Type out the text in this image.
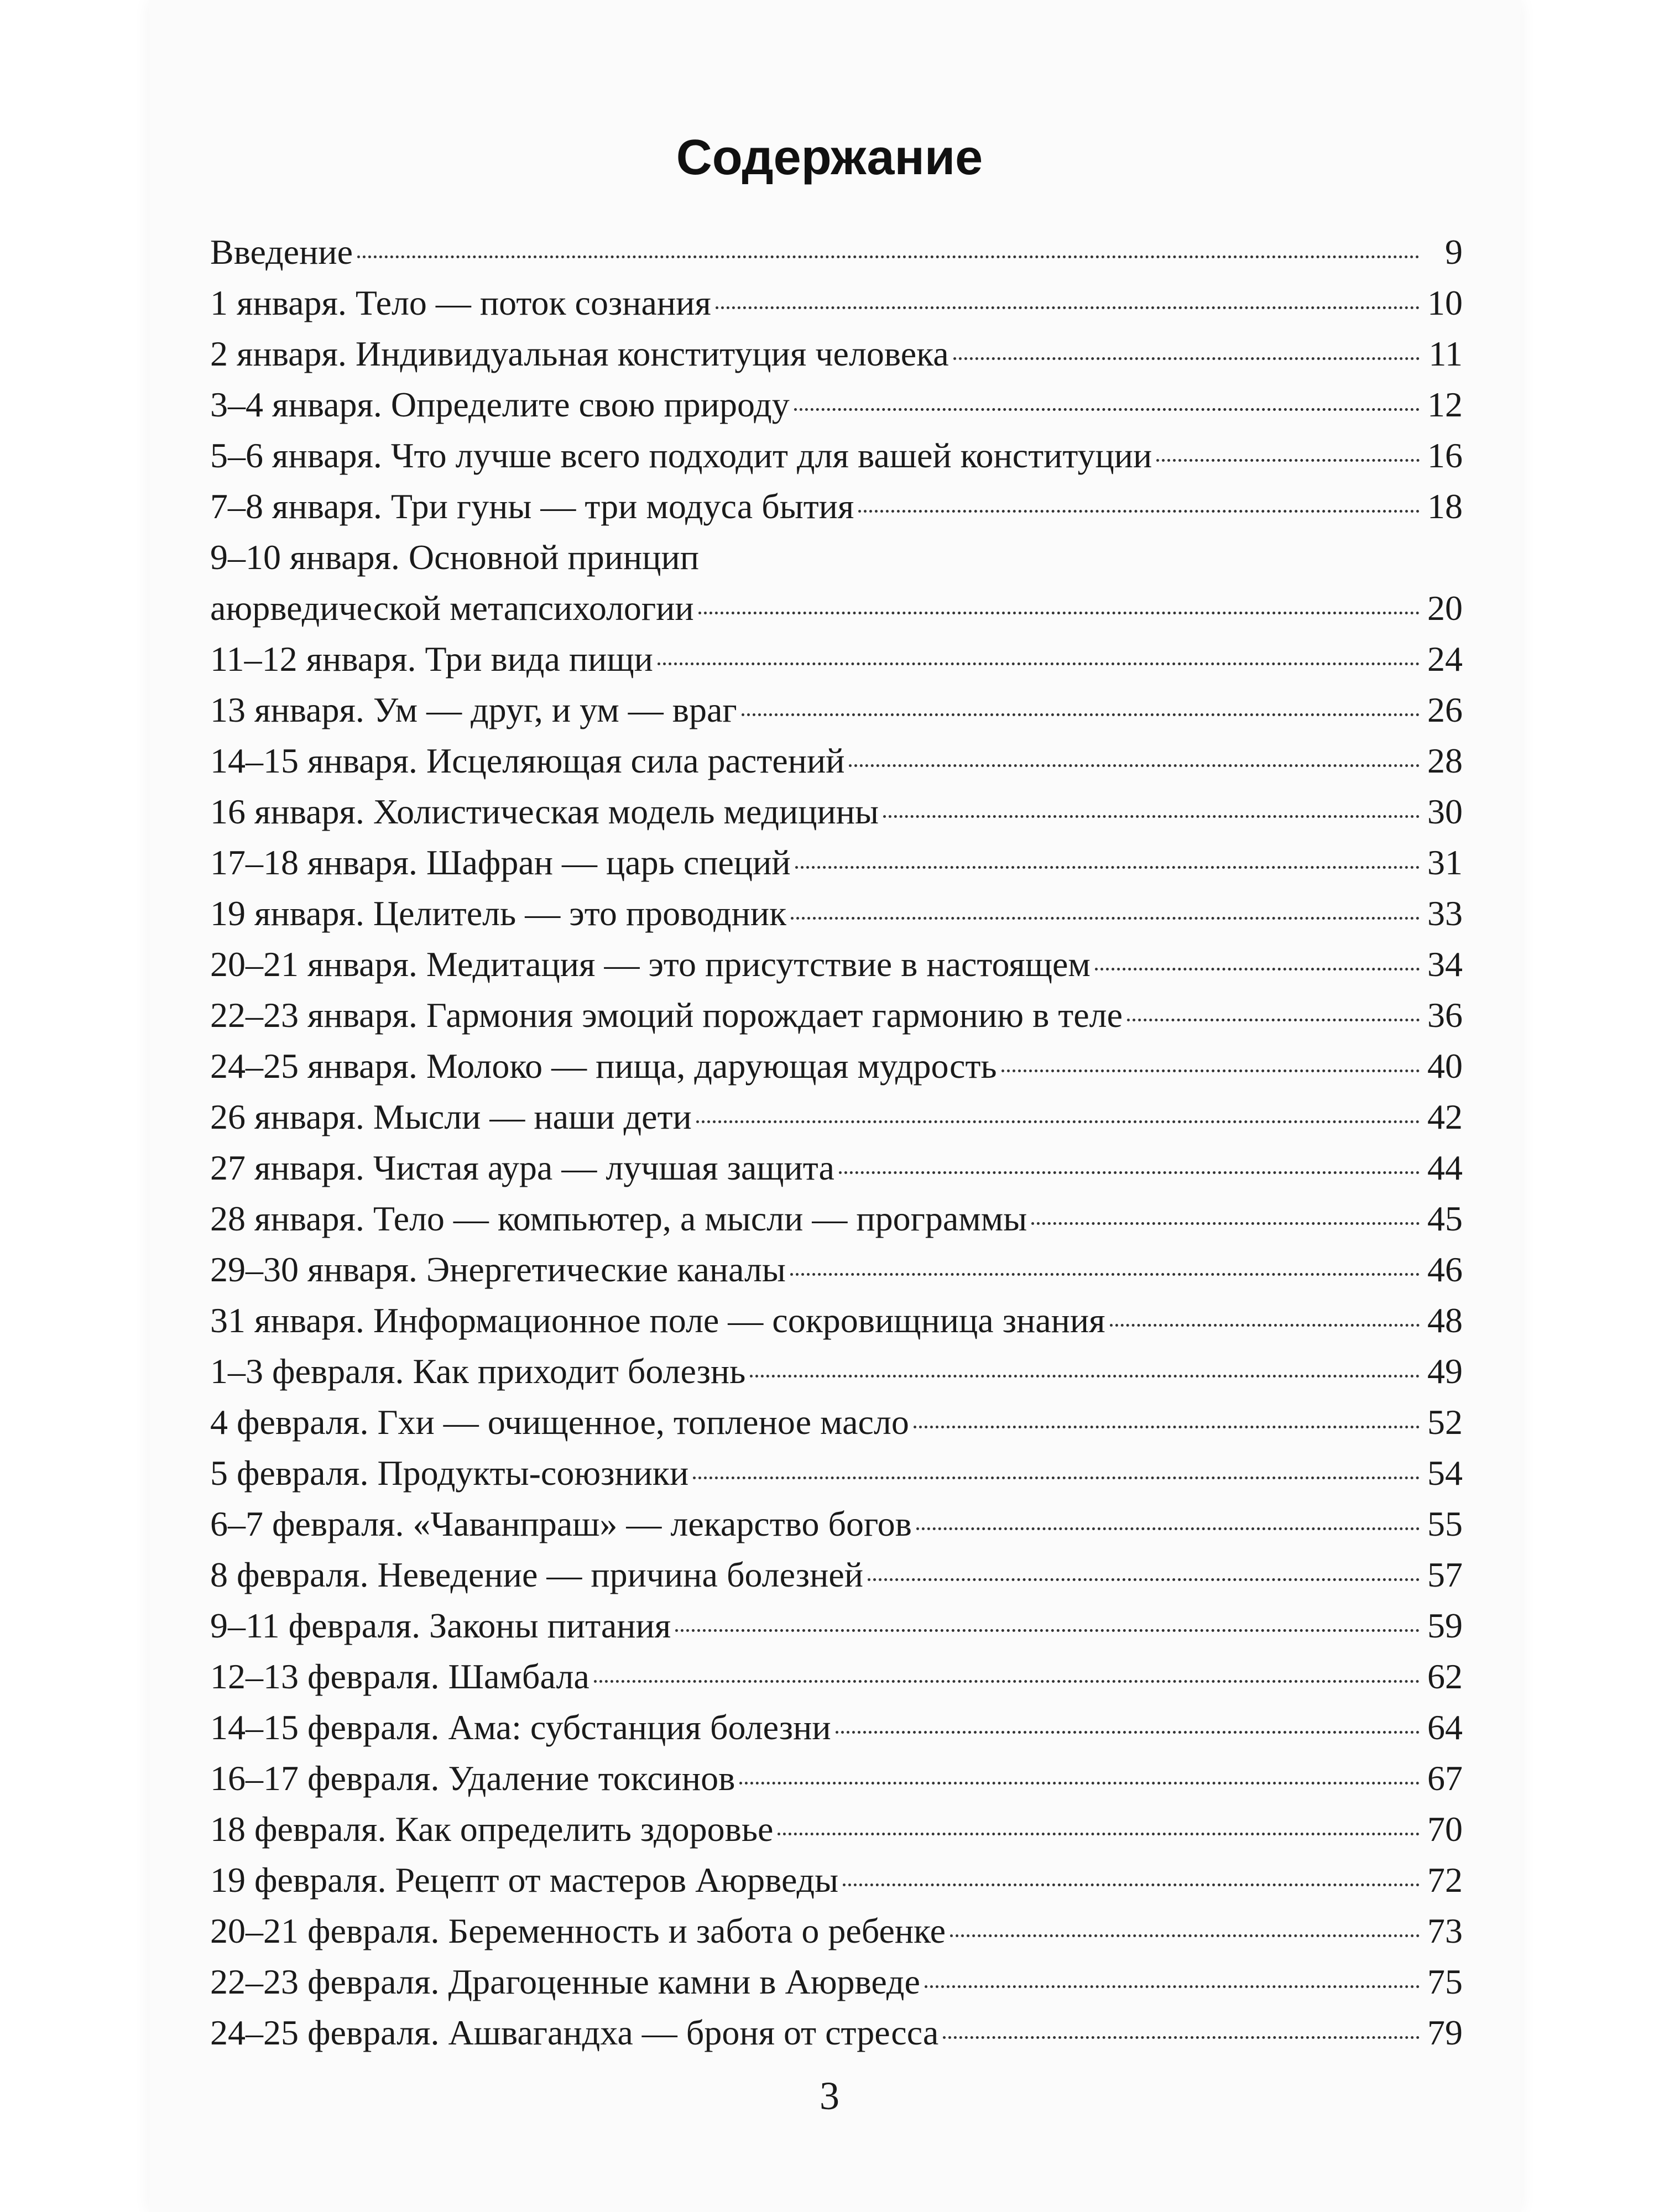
Содержание
Введение	9
1 января. Тело — поток сознания	10
2 января. Индивидуальная конституция человека	11
3–4 января. Определите свою природу	12
5–6 января. Что лучше всего подходит для вашей конституции	16
7–8 января. Три гуны — три модуса бытия	18
9–10 января. Основной принцип
аюрведической метапсихологии	20
11–12 января. Три вида пищи	24
13 января. Ум — друг, и ум — враг	26
14–15 января. Исцеляющая сила растений	28
16 января. Холистическая модель медицины	30
17–18 января. Шафран — царь специй	31
19 января. Целитель — это проводник	33
20–21 января. Медитация — это присутствие в настоящем	34
22–23 января. Гармония эмоций порождает гармонию в теле	36
24–25 января. Молоко — пища, дарующая мудрость	40
26 января. Мысли — наши дети	42
27 января. Чистая аура — лучшая защита	44
28 января. Тело — компьютер, а мысли — программы	45
29–30 января. Энергетические каналы	46
31 января. Информационное поле — сокровищница знания	48
1–3 февраля. Как приходит болезнь	49
4 февраля. Гхи — очищенное, топленое масло	52
5 февраля. Продукты-союзники	54
6–7 февраля. «Чаванпраш» — лекарство богов	55
8 февраля. Неведение — причина болезней	57
9–11 февраля. Законы питания	59
12–13 февраля. Шамбала	62
14–15 февраля. Ама: субстанция болезни	64
16–17 февраля. Удаление токсинов	67
18 февраля. Как определить здоровье	70
19 февраля. Рецепт от мастеров Аюрведы	72
20–21 февраля. Беременность и забота о ребенке	73
22–23 февраля. Драгоценные камни в Аюрведе	75
24–25 февраля. Ашвагандха — броня от стресса	79
3
